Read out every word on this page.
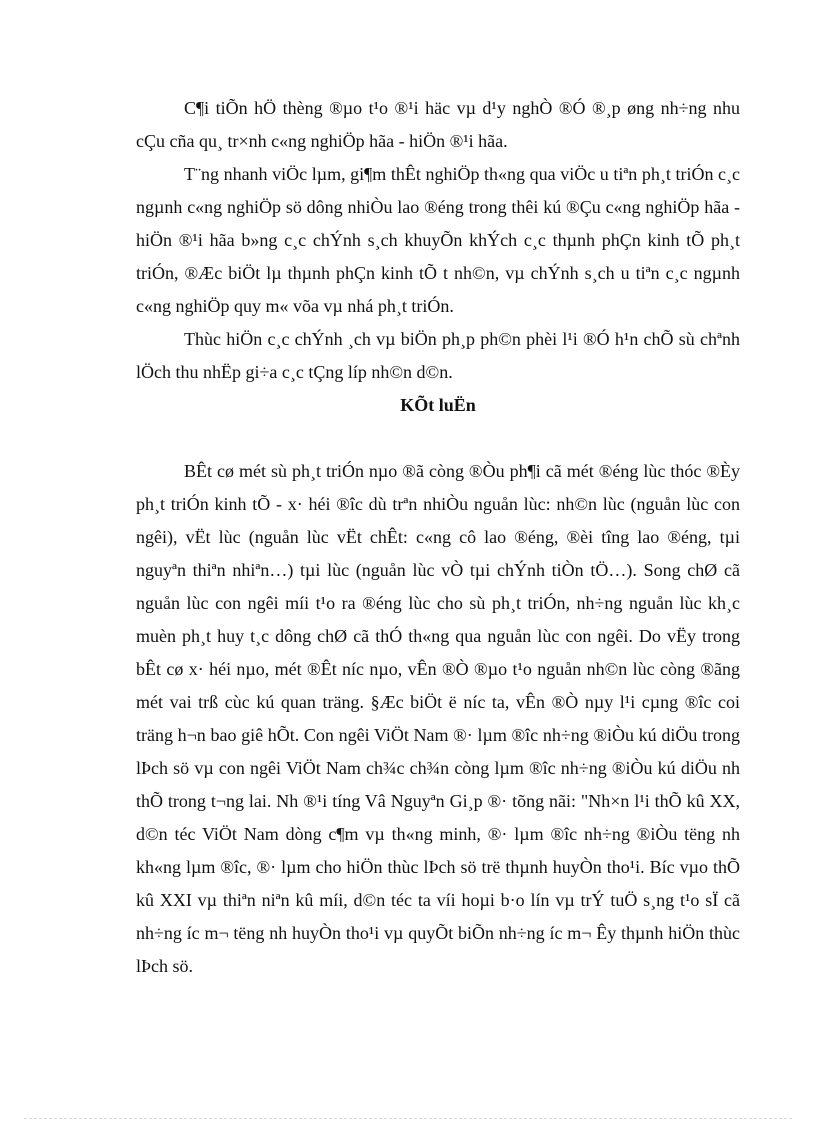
C¶i tiÕn hÖ thèng ®µo t¹o ®¹i häc vµ d¹y nghÒ ®Ó ®¸p øng nh÷ng nhu cÇu cña qu¸ tr×nh c«ng nghiÖp hãa - hiÖn ®¹i hãa.

T¨ng nhanh viÖc lµm, gi¶m thÊt nghiÖp th«ng qua viÖc u tiªn ph¸t triÓn c¸c ngµnh c«ng nghiÖp sö dông nhiÒu lao ®éng trong thêi kú ®Çu c«ng nghiÖp hãa - hiÖn ®¹i hãa b»ng c¸c chÝnh s¸ch khuyÕn khÝch c¸c thµnh phÇn kinh tÕ ph¸t triÓn, ®Æc biÖt lµ thµnh phÇn kinh tÕ t nh©n, vµ chÝnh s¸ch u tiªn c¸c ngµnh c«ng nghiÖp quy m« võa vµ nhá ph¸t triÓn.

Thùc hiÖn c¸c chÝnh ¸ch vµ biÖn ph¸p ph©n phèi l¹i ®Ó h¹n chÕ sù chªnh lÖch thu nhËp gi÷a c¸c tÇng líp nh©n d©n.

KÕt luËn

BÊt cø mét sù ph¸t triÓn nµo ®ã còng ®Òu ph¶i cã mét ®éng lùc thóc ®Èy ph¸t triÓn kinh tÕ - x· héi ®îc dù trªn nhiÒu nguån lùc: nh©n lùc (nguån lùc con ngêi), vËt lùc (nguån lùc vËt chÊt: c«ng cô lao ®éng, ®èi tîng lao ®éng, tµi nguyªn thiªn nhiªn…) tµi lùc (nguån lùc vÒ tµi chÝnh tiÒn tÖ…). Song chØ cã nguån lùc con ngêi míi t¹o ra ®éng lùc cho sù ph¸t triÓn, nh÷ng nguån lùc kh¸c muèn ph¸t huy t¸c dông chØ cã thÓ th«ng qua nguån lùc con ngêi. Do vËy trong bÊt cø x· héi nµo, mét ®Êt níc nµo, vÊn ®Ò ®µo t¹o nguån nh©n lùc còng ®ãng mét vai trß cùc kú quan träng. §Æc biÖt ë níc ta, vÊn ®Ò nµy l¹i cµng ®îc coi träng h¬n bao giê hÕt. Con ngêi ViÖt Nam ®· lµm ®îc nh÷ng ®iÒu kú diÖu trong lÞch sö vµ con ngêi ViÖt Nam ch¾c ch¾n còng lµm ®îc nh÷ng ®iÒu kú diÖu nh thÕ trong t¬ng lai. Nh ®¹i tíng Vâ Nguyªn Gi¸p ®· tõng nãi: "Nh×n l¹i thÕ kû XX, d©n téc ViÖt Nam dòng c¶m vµ th«ng minh, ®· lµm ®îc nh÷ng ®iÒu tëng nh kh«ng lµm ®îc, ®· lµm cho hiÖn thùc lÞch sö trë thµnh huyÒn tho¹i. Bíc vµo thÕ kû XXI vµ thiªn niªn kû míi, d©n téc ta víi hoµi b·o lín vµ trÝ tuÖ s¸ng t¹o sÏ cã nh÷ng íc m¬ tëng nh huyÒn tho¹i vµ quyÕt biÕn nh÷ng íc m¬ Êy thµnh hiÖn thùc lÞch sö.
